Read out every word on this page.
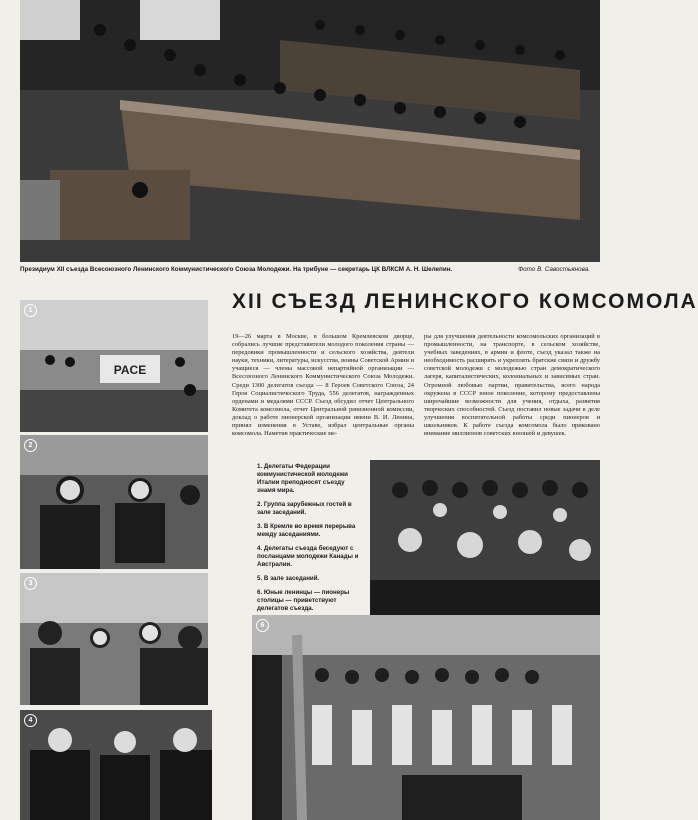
Президиум XII съезда Всесоюзного Ленинского Коммунистического Союза Молодежи. На трибуне — секретарь ЦК ВЛКСМ А. Н. Шелепин.	Фото В. Савостьянова.
PACE
1
2
3
4
XII СЪЕЗД ЛЕНИНСКОГО КОМСОМОЛА
19—26 марта в Москве, в большом Кремлевском дворце, собрались лучшие представители молодого поколения страны — передовики промышленности и сельского хозяйства, деятели науки, техники, литературы, искусства, воины Советской Армии и учащиеся — члены массовой непартийной организации — Всесоюзного Ленинского Коммунистического Союза Молодежи. Среди 1300 делегатов съезда — 8 Героев Советского Союза, 24 Героя Социалистического Труда, 556 делегатов, награжденных орденами и медалями СССР. Съезд обсудил отчет Центрального Комитета комсомола, отчет Центральной ревизионной комиссии, доклад о работе пионерской организации имени В. И. Ленина, принял изменения в Уставе, избрал центральные органы комсомола. Наметив практические ме-
ры для улучшения деятельности комсомольских организаций в промышленности, на транспорте, в сельском хозяйстве, учебных заведениях, в армии и флоте, съезд указал также на необходимость расширять и укреплять братские связи и дружбу советской молодежи с молодежью стран демократического лагеря, капиталистических, колониальных и зависимых стран. Огромной любовью партии, правительства, всего народа окружена в СССР юное поколение, которому предоставлены широчайшие возможности для учения, отдыха, развития творческих способностей. Съезд поставил новые задачи в деле улучшения воспитательной работы среди пионеров и школьников. К работе съезда комсомола было приковано внимание миллионов советских юношей и девушек.

1. Делегаты Федерации коммунистической молодежи Италии преподносят съезду знамя мира.

2. Группа зарубежных гостей в зале заседаний.

3. В Кремле во время перерыва между заседаниями.

4. Делегаты съезда беседуют с посланцами молодежи Канады и Австралии.

5. В зале заседаний.

6. Юные ленинцы — пионеры столицы — приветствуют делегатов съезда.

6
